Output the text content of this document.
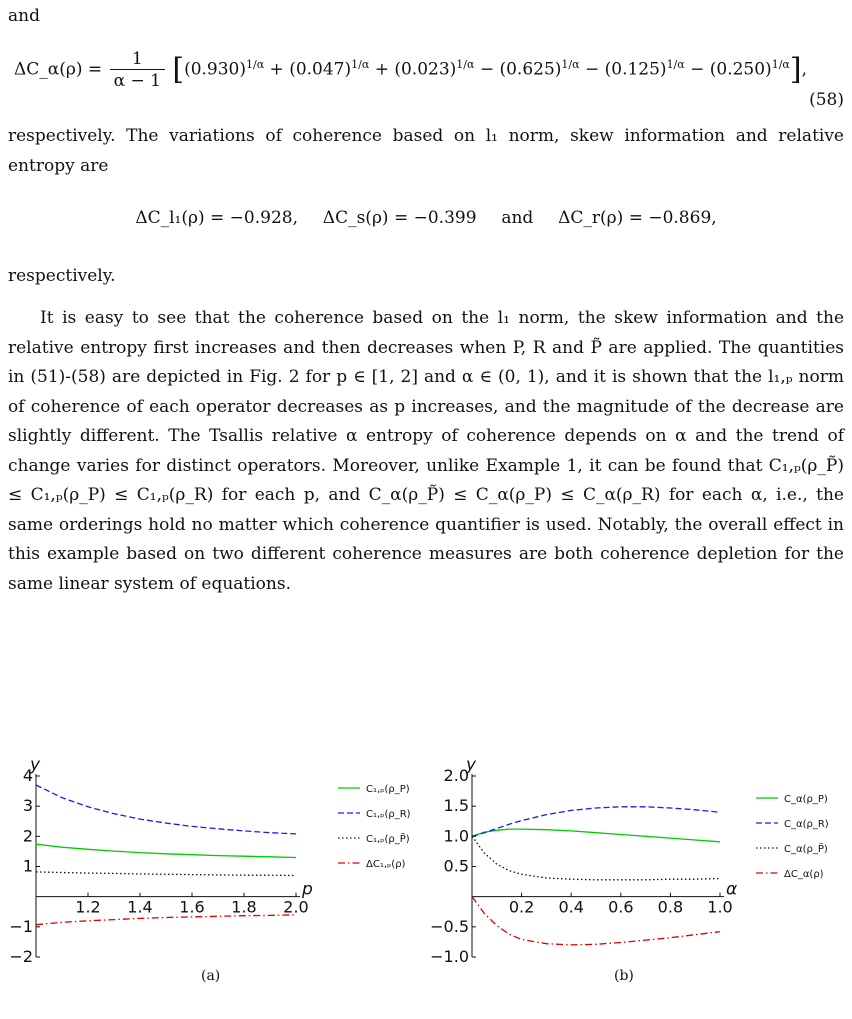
and
ΔC_α(ρ) = $\frac{1}{\alpha - 1} [(0.930)^{1/\alpha} + (0.047)^{1/\alpha} + (0.023)^{1/\alpha} - (0.625)^{1/\alpha} - (0.125)^{1/\alpha} - (0.250)^{1/\alpha}]$,
(58)
respectively. The variations of coherence based on l₁ norm, skew information and relative entropy are
ΔC_l₁(ρ) = −0.928, ΔC_s(ρ) = −0.399 and ΔC_r(ρ) = −0.869,
respectively.
It is easy to see that the coherence based on the l₁ norm, the skew information and the relative entropy first increases and then decreases when P, R and P̃ are applied. The quantities in (51)-(58) are depicted in Fig. 2 for p ∈ [1, 2] and α ∈ (0, 1), and it is shown that the l₁,ₚ norm of coherence of each operator decreases as p increases, and the magnitude of the decrease are slightly different. The Tsallis relative α entropy of coherence depends on α and the trend of change varies for distinct operators. Moreover, unlike Example 1, it can be found that C₁,ₚ(ρ_P̃) ≤ C₁,ₚ(ρ_P) ≤ C₁,ₚ(ρ_R) for each p, and C_α(ρ_P̃) ≤ C_α(ρ_P) ≤ C_α(ρ_R) for each α, i.e., the same orderings hold no matter which coherence quantifier is used. Notably, the overall effect in this example based on two different coherence measures are both coherence depletion for the same linear system of equations.
1.2 1.4 1.6 1.8 2.0
−2
−1
1
2
3
4
y
p
C₁,ₚ(ρ_P)
C₁,ₚ(ρ_R)
C₁,ₚ(ρ_P̃)
ΔC₁,ₚ(ρ)
0.2 0.4 0.6 0.8 1.0
−1.0
−0.5
0.5
1.0
1.5
2.0
y
α
C_α(ρ_P)
C_α(ρ_R)
C_α(ρ_P̃)
ΔC_α(ρ)
(a)	(b)
